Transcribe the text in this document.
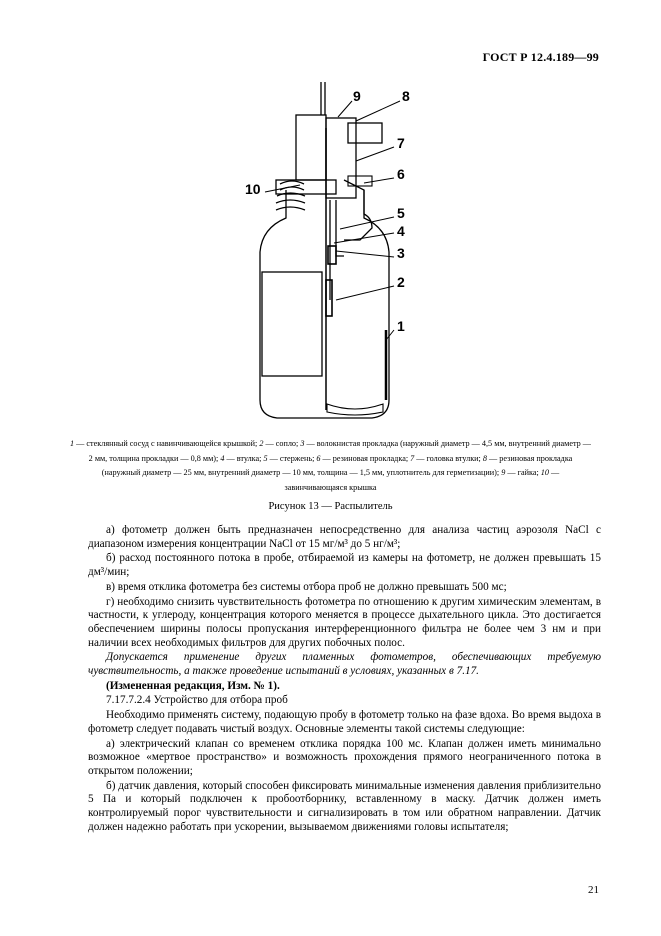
ГОСТ Р 12.4.189—99
9	8
7
10
6
5
4
3
2
1
1 — стеклянный сосуд с навинчивающейся крышкой; 2 — сопло; 3 — волокнистая прокладка (наружный диаметр — 4,5 мм, внутренний диаметр — 2 мм, толщина прокладки — 0,8 мм); 4 — втулка; 5 — стержень; 6 — резиновая прокладка; 7 — головка втулки; 8 — резиновая прокладка (наружный диаметр — 25 мм, внутренний диаметр — 10 мм, толщина — 1,5 мм, уплотнитель для герметизации); 9 — гайка; 10 — завинчивающаяся крышка
Рисунок 13 — Распылитель

а) фотометр должен быть предназначен непосредственно для анализа частиц аэрозоля NaCl с диапазоном измерения концентрации NaCl от 15 мг/м³ до 5 нг/м³;

б) расход постоянного потока в пробе, отбираемой из камеры на фотометр, не должен превышать 15 дм³/мин;

в) время отклика фотометра без системы отбора проб не должно превышать 500 мс;

г) необходимо снизить чувствительность фотометра по отношению к другим химическим элементам, в частности, к углероду, концентрация которого меняется в процессе дыхательного цикла. Это достигается обеспечением ширины полосы пропускания интерференционного фильтра не более чем 3 нм и при наличии всех необходимых фильтров для других побочных полос.

Допускается применение других пламенных фотометров, обеспечивающих требуемую чувствительность, а также проведение испытаний в условиях, указанных в 7.17.

(Измененная редакция, Изм. № 1).

7.17.7.2.4 Устройство для отбора проб

Необходимо применять систему, подающую пробу в фотометр только на фазе вдоха. Во время выдоха в фотометр следует подавать чистый воздух. Основные элементы такой системы следующие:

а) электрический клапан со временем отклика порядка 100 мс. Клапан должен иметь минимально возможное «мертвое пространство» и возможность прохождения прямого неограниченного потока в открытом положении;

б) датчик давления, который способен фиксировать минимальные изменения давления приблизительно 5 Па и который подключен к пробоотборнику, вставленному в маску. Датчик должен иметь контролируемый порог чувствительности и сигнализировать в том или обратном направлении. Датчик должен надежно работать при ускорении, вызываемом движениями головы испытателя;

21
